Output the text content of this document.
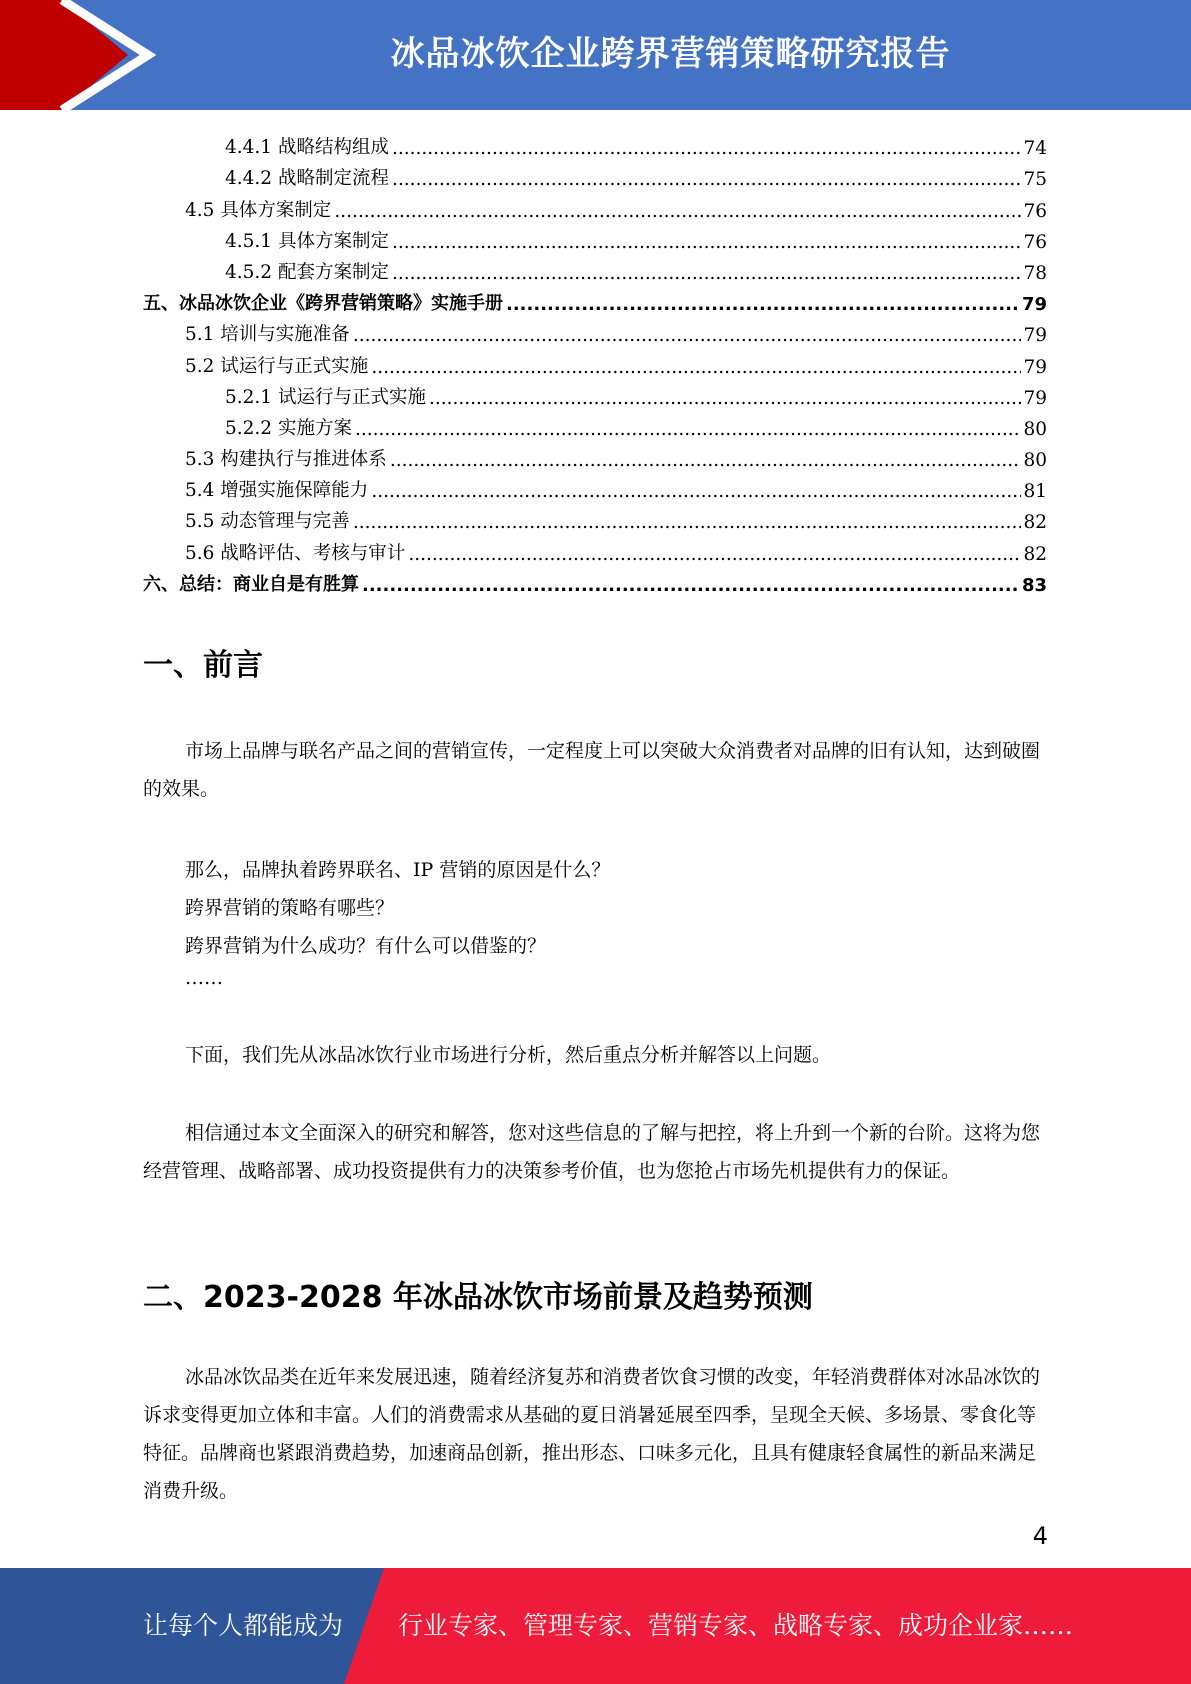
冰品冰饮企业跨界营销策略研究报告
4.4.1 战略结构组成 .....	74
4.4.2 战略制定流程 .....	75
4.5 具体方案制定 .....	76
4.5.1 具体方案制定 .....	76
4.5.2 配套方案制定 .....	78
五、冰品冰饮企业《跨界营销策略》实施手册 .....	79
5.1 培训与实施准备 .....	79
5.2 试运行与正式实施 .....	79
5.2.1 试运行与正式实施 .....	79
5.2.2 实施方案 .....	80
5.3 构建执行与推进体系 .....	80
5.4 增强实施保障能力 .....	81
5.5 动态管理与完善 .....	82
5.6 战略评估、考核与审计 .....	82
六、总结：商业自是有胜算 .....	83
一、前言

市场上品牌与联名产品之间的营销宣传，一定程度上可以突破大众消费者对品牌的旧有认知，达到破圈的效果。

那么，品牌执着跨界联名、IP 营销的原因是什么？

跨界营销的策略有哪些？

跨界营销为什么成功？有什么可以借鉴的？

……

下面，我们先从冰品冰饮行业市场进行分析，然后重点分析并解答以上问题。

相信通过本文全面深入的研究和解答，您对这些信息的了解与把控，将上升到一个新的台阶。这将为您经营管理、战略部署、成功投资提供有力的决策参考价值，也为您抢占市场先机提供有力的保证。

二、2023-2028 年冰品冰饮市场前景及趋势预测

冰品冰饮品类在近年来发展迅速，随着经济复苏和消费者饮食习惯的改变，年轻消费群体对冰品冰饮的诉求变得更加立体和丰富。人们的消费需求从基础的夏日消暑延展至四季，呈现全天候、多场景、零食化等特征。品牌商也紧跟消费趋势，加速商品创新，推出形态、口味多元化，且具有健康轻食属性的新品来满足消费升级。

4
让每个人都能成为 行业专家、管理专家、营销专家、战略专家、成功企业家……
